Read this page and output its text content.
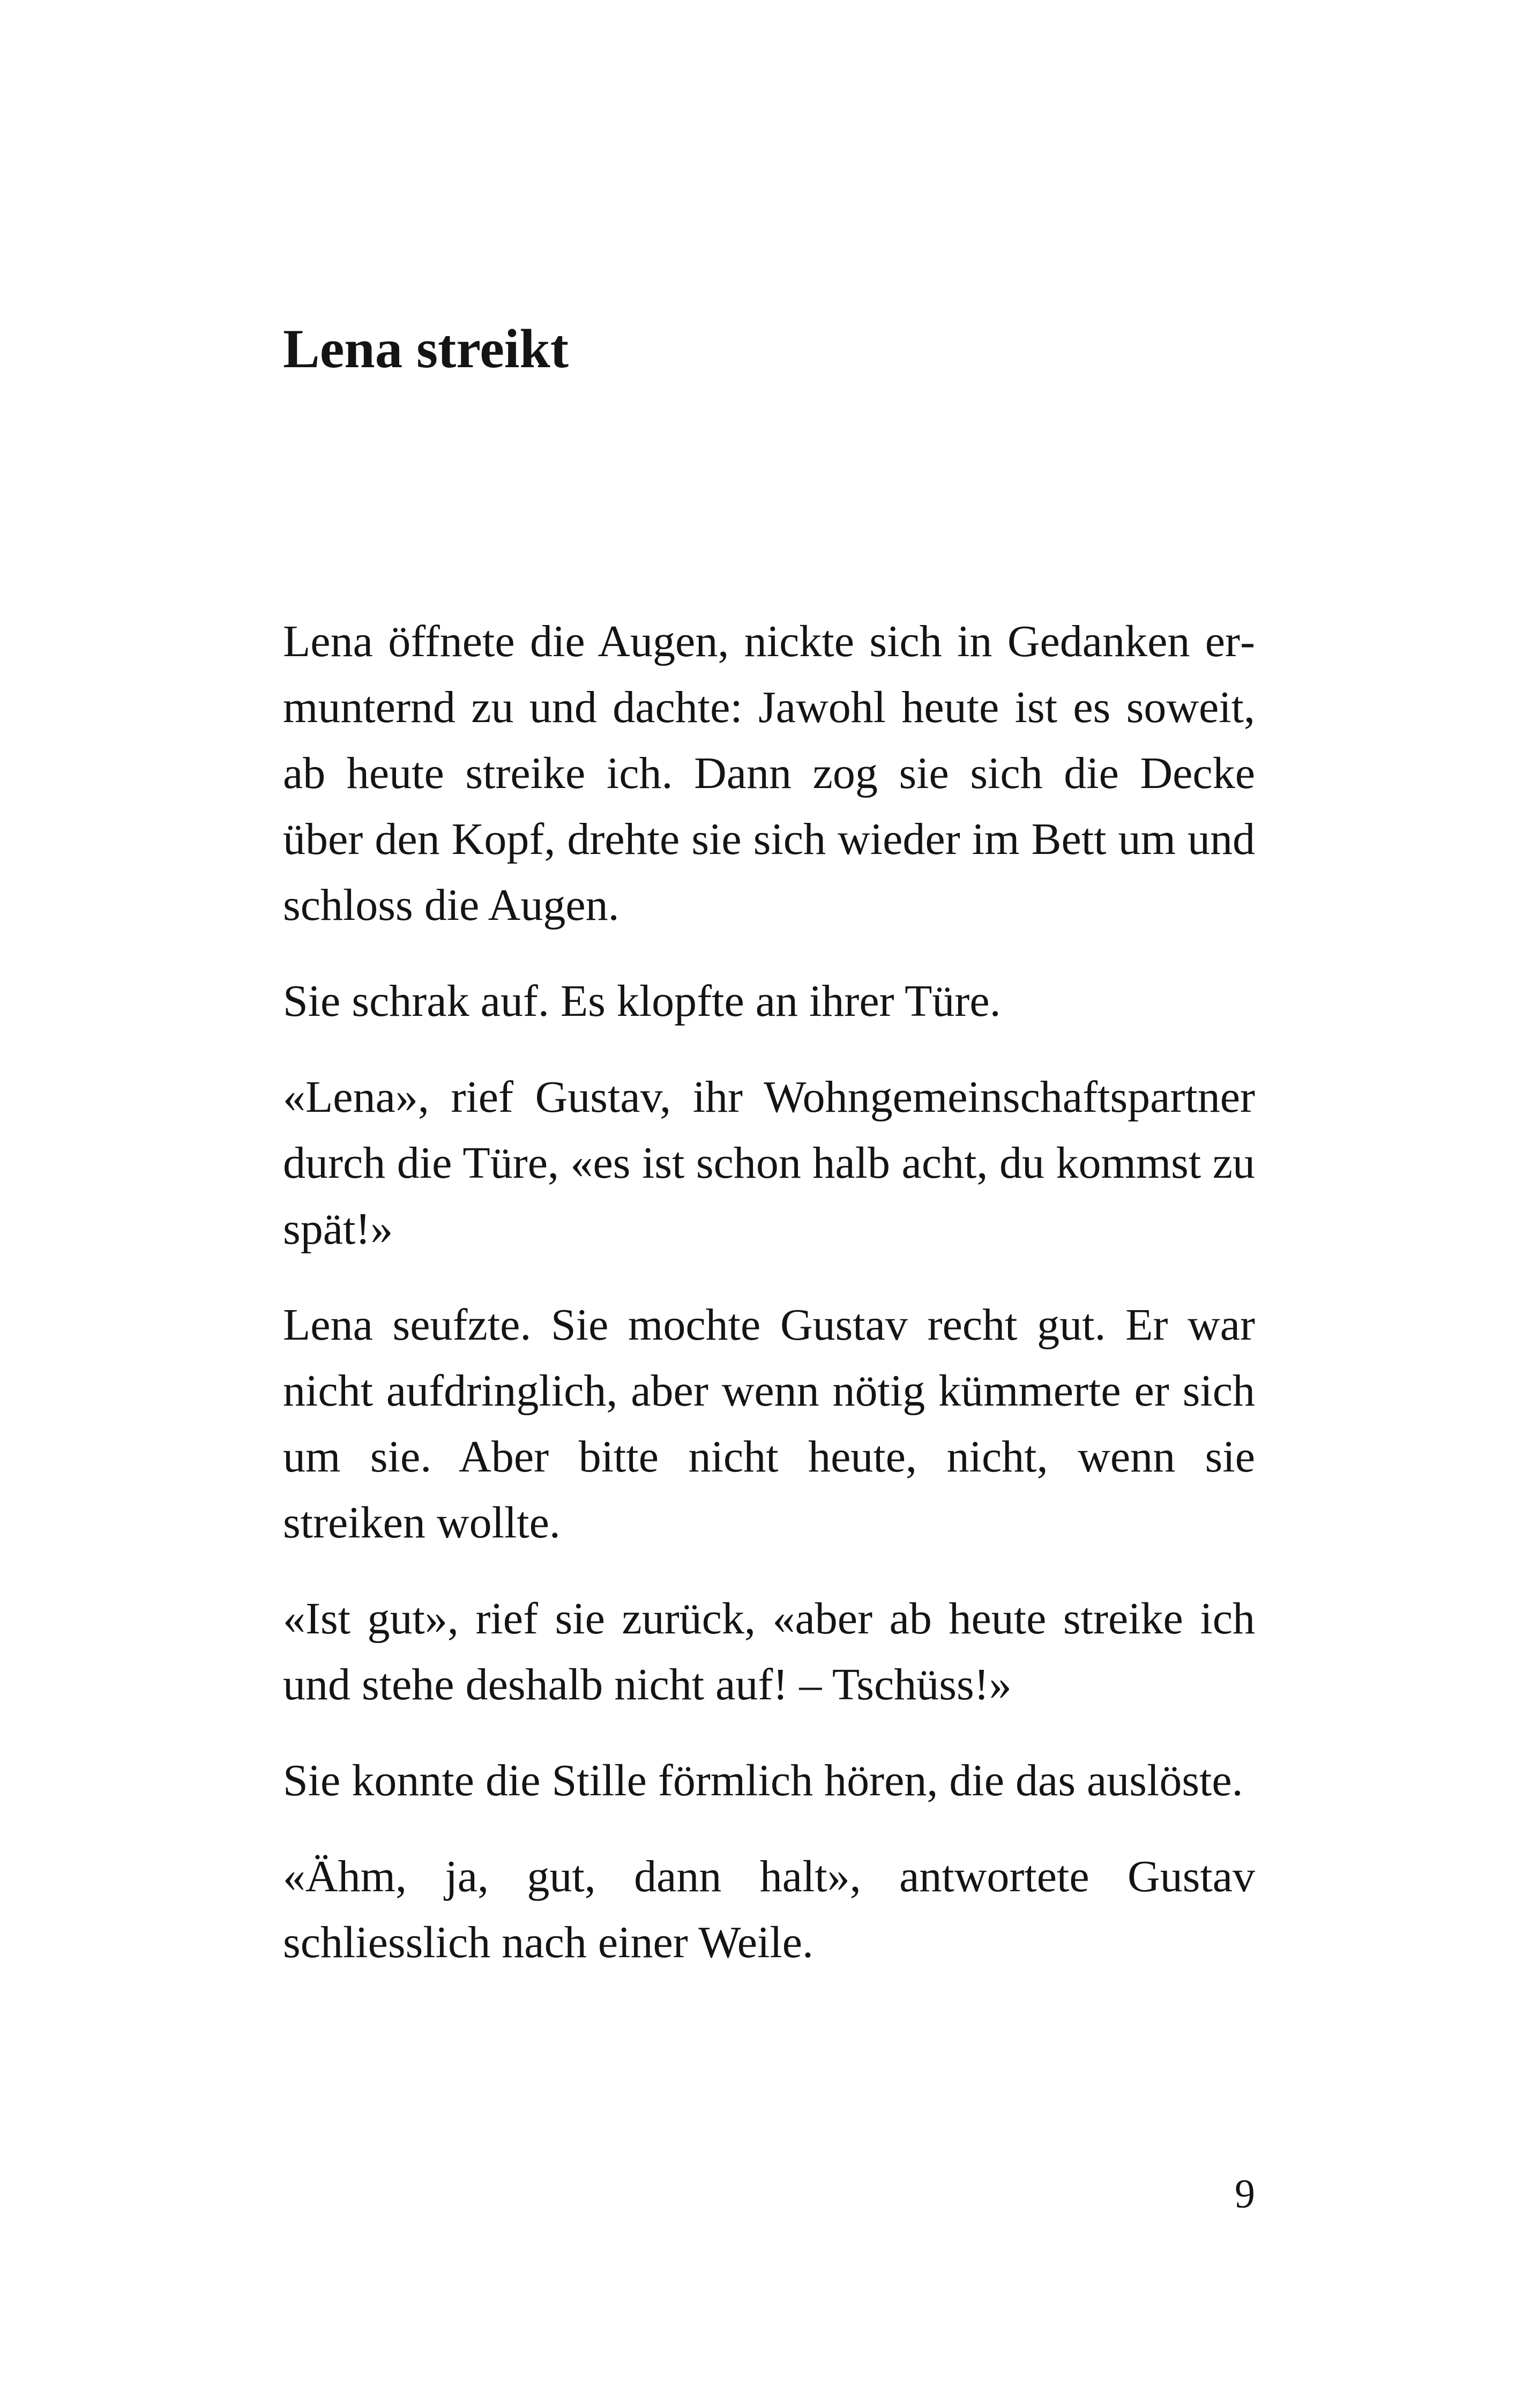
Lena streikt

Lena öffnete die Augen, nickte sich in Gedanken ermunternd zu und dachte: Jawohl heute ist es soweit, ab heute streike ich. Dann zog sie sich die Decke über den Kopf, drehte sie sich wieder im Bett um und schloss die Augen.

Sie schrak auf. Es klopfte an ihrer Türe.

«Lena», rief Gustav, ihr Wohngemeinschaftspartner durch die Türe, «es ist schon halb acht, du kommst zu spät!»

Lena seufzte. Sie mochte Gustav recht gut. Er war nicht aufdringlich, aber wenn nötig kümmerte er sich um sie. Aber bitte nicht heute, nicht, wenn sie streiken wollte.

«Ist gut», rief sie zurück, «aber ab heute streike ich und stehe deshalb nicht auf! – Tschüss!»

Sie konnte die Stille förmlich hören, die das auslöste.

«Ähm, ja, gut, dann halt», antwortete Gustav schliesslich nach einer Weile.

9
